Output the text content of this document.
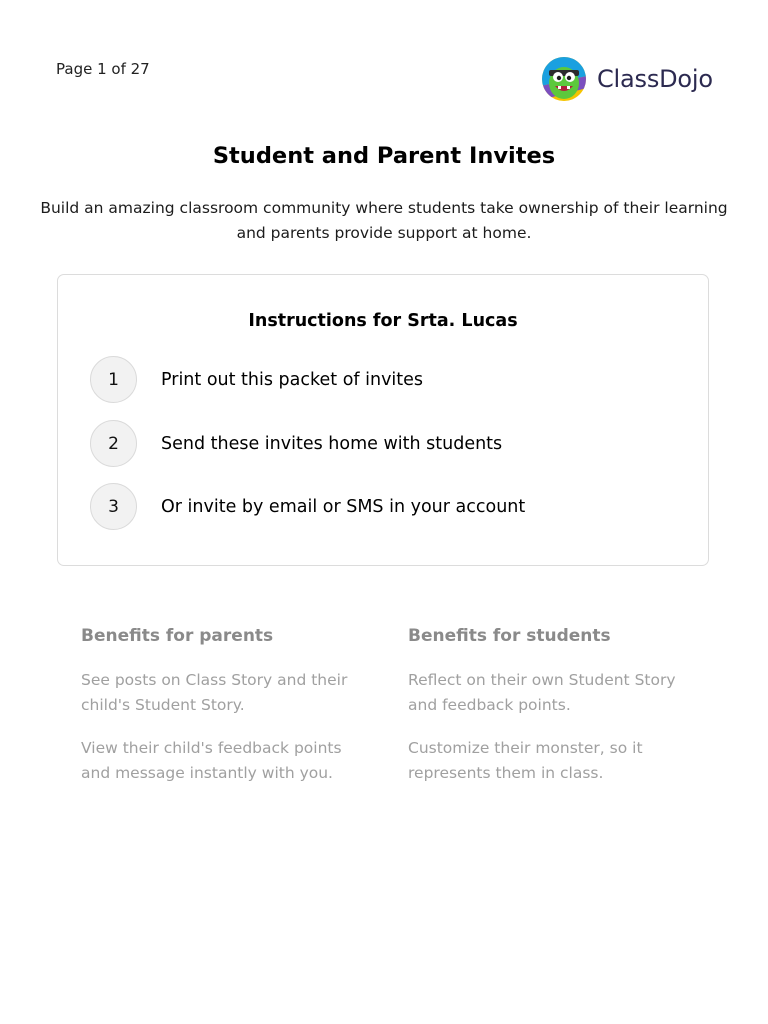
Page 1 of 27	ClassDojo
Student and Parent Invites

Build an amazing classroom community where students take ownership of their learning and parents provide support at home.

Instructions for Srta. Lucas
1	Print out this packet of invites
2	Send these invites home with students
3	Or invite by email or SMS in your account
Benefits for parents

See posts on Class Story and their child's Student Story.

View their child's feedback points and message instantly with you.

Benefits for students

Reflect on their own Student Story and feedback points.

Customize their monster, so it represents them in class.
